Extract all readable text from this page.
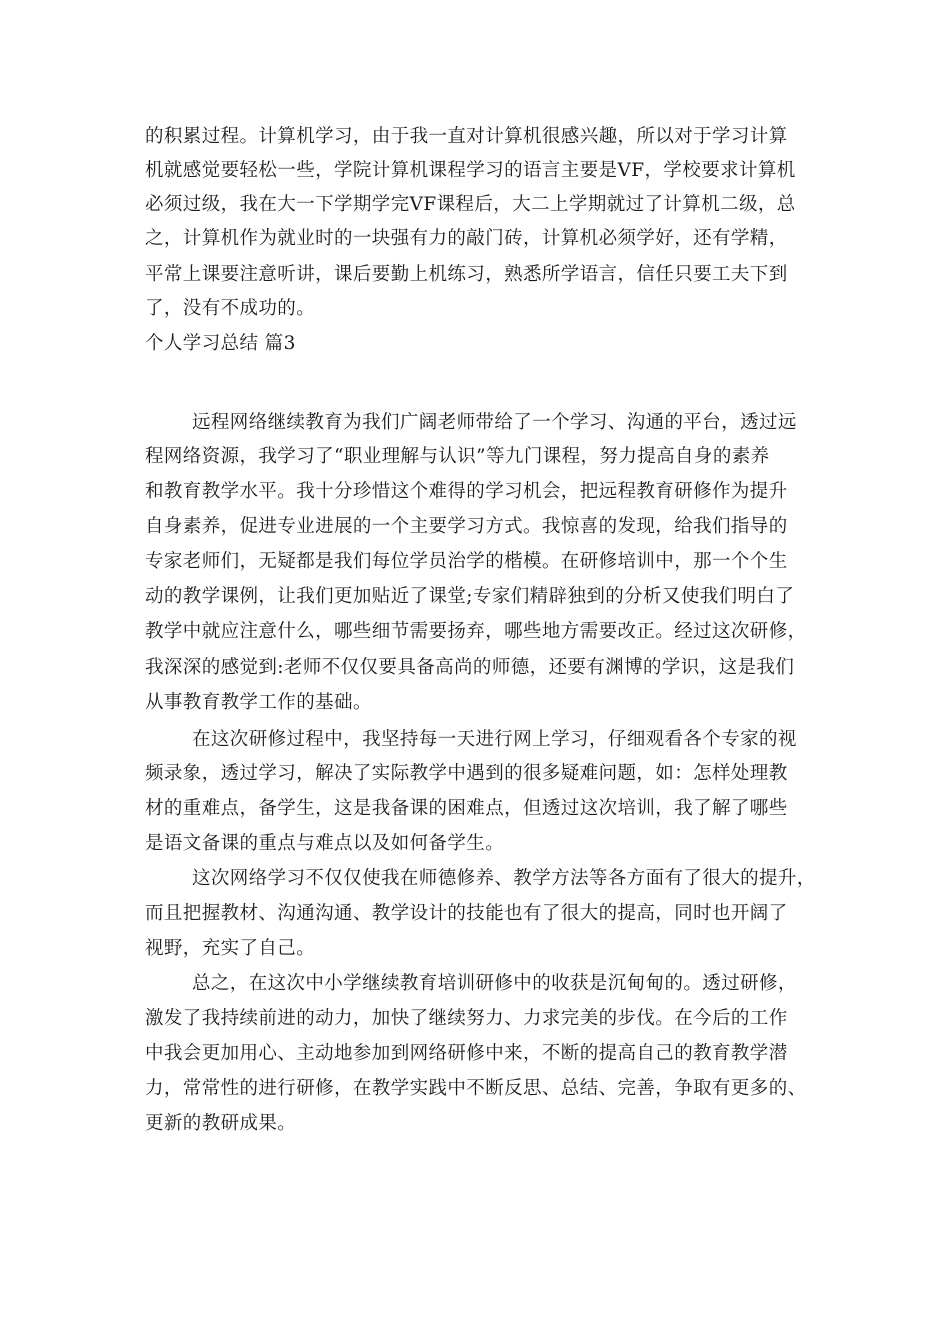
的积累过程。计算机学习，由于我一直对计算机很感兴趣，所以对于学习计算
机就感觉要轻松一些，学院计算机课程学习的语言主要是VF，学校要求计算机
必须过级，我在大一下学期学完VF课程后，大二上学期就过了计算机二级，总
之，计算机作为就业时的一块强有力的敲门砖，计算机必须学好，还有学精，
平常上课要注意听讲，课后要勤上机练习，熟悉所学语言，信任只要工夫下到
了，没有不成功的。
个人学习总结 篇3
远程网络继续教育为我们广阔老师带给了一个学习、沟通的平台，透过远
程网络资源，我学习了“职业理解与认识”等九门课程，努力提高自身的素养
和教育教学水平。我十分珍惜这个难得的学习机会，把远程教育研修作为提升
自身素养，促进专业进展的一个主要学习方式。我惊喜的发现，给我们指导的
专家老师们，无疑都是我们每位学员治学的楷模。在研修培训中，那一个个生
动的教学课例，让我们更加贴近了课堂;专家们精辟独到的分析又使我们明白了
教学中就应注意什么，哪些细节需要扬弃，哪些地方需要改正。经过这次研修，
我深深的感觉到:老师不仅仅要具备高尚的师德，还要有渊博的学识，这是我们
从事教育教学工作的基础。
在这次研修过程中，我坚持每一天进行网上学习，仔细观看各个专家的视
频录象，透过学习，解决了实际教学中遇到的很多疑难问题，如：怎样处理教
材的重难点，备学生，这是我备课的困难点，但透过这次培训，我了解了哪些
是语文备课的重点与难点以及如何备学生。
这次网络学习不仅仅使我在师德修养、教学方法等各方面有了很大的提升，
而且把握教材、沟通沟通、教学设计的技能也有了很大的提高，同时也开阔了
视野，充实了自己。
总之，在这次中小学继续教育培训研修中的收获是沉甸甸的。透过研修，
激发了我持续前进的动力，加快了继续努力、力求完美的步伐。在今后的工作
中我会更加用心、主动地参加到网络研修中来，不断的提高自己的教育教学潜
力，常常性的进行研修，在教学实践中不断反思、总结、完善，争取有更多的、
更新的教研成果。
